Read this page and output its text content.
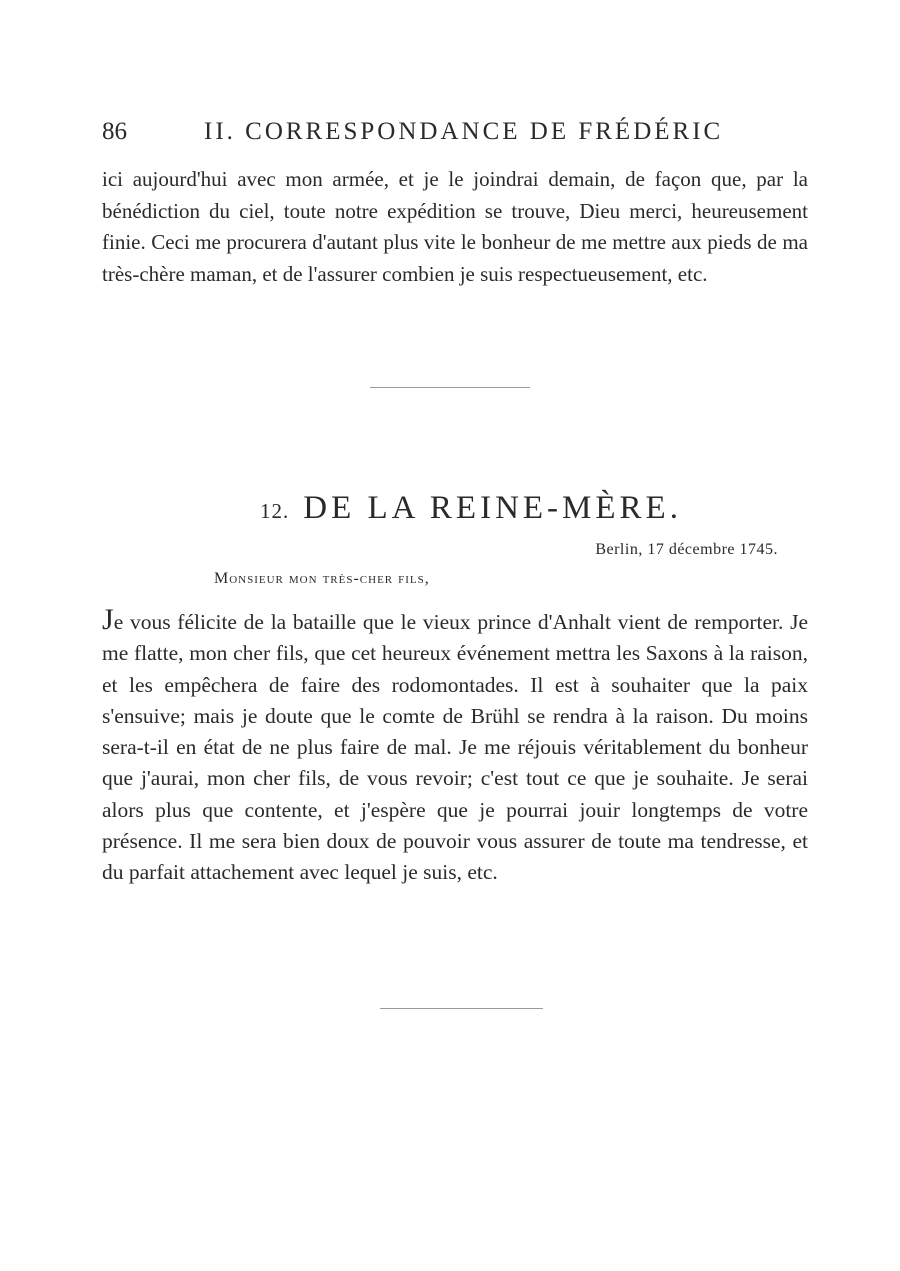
86	II. CORRESPONDANCE DE FRÉDÉRIC
ici aujourd'hui avec mon armée, et je le joindrai demain, de façon que, par la bénédiction du ciel, toute notre expédition se trouve, Dieu merci, heureusement finie. Ceci me procurera d'autant plus vite le bonheur de me mettre aux pieds de ma très-chère maman, et de l'assurer combien je suis respectueusement, etc.
12. DE LA REINE-MÈRE.
Berlin, 17 décembre 1745.
Monsieur mon très-cher fils,
Je vous félicite de la bataille que le vieux prince d'Anhalt vient de remporter. Je me flatte, mon cher fils, que cet heureux événement mettra les Saxons à la raison, et les empêchera de faire des rodomontades. Il est à souhaiter que la paix s'ensuive; mais je doute que le comte de Brühl se rendra à la raison. Du moins sera-t-il en état de ne plus faire de mal. Je me réjouis véritablement du bonheur que j'aurai, mon cher fils, de vous revoir; c'est tout ce que je souhaite. Je serai alors plus que contente, et j'espère que je pourrai jouir longtemps de votre présence. Il me sera bien doux de pouvoir vous assurer de toute ma tendresse, et du parfait attachement avec lequel je suis, etc.
